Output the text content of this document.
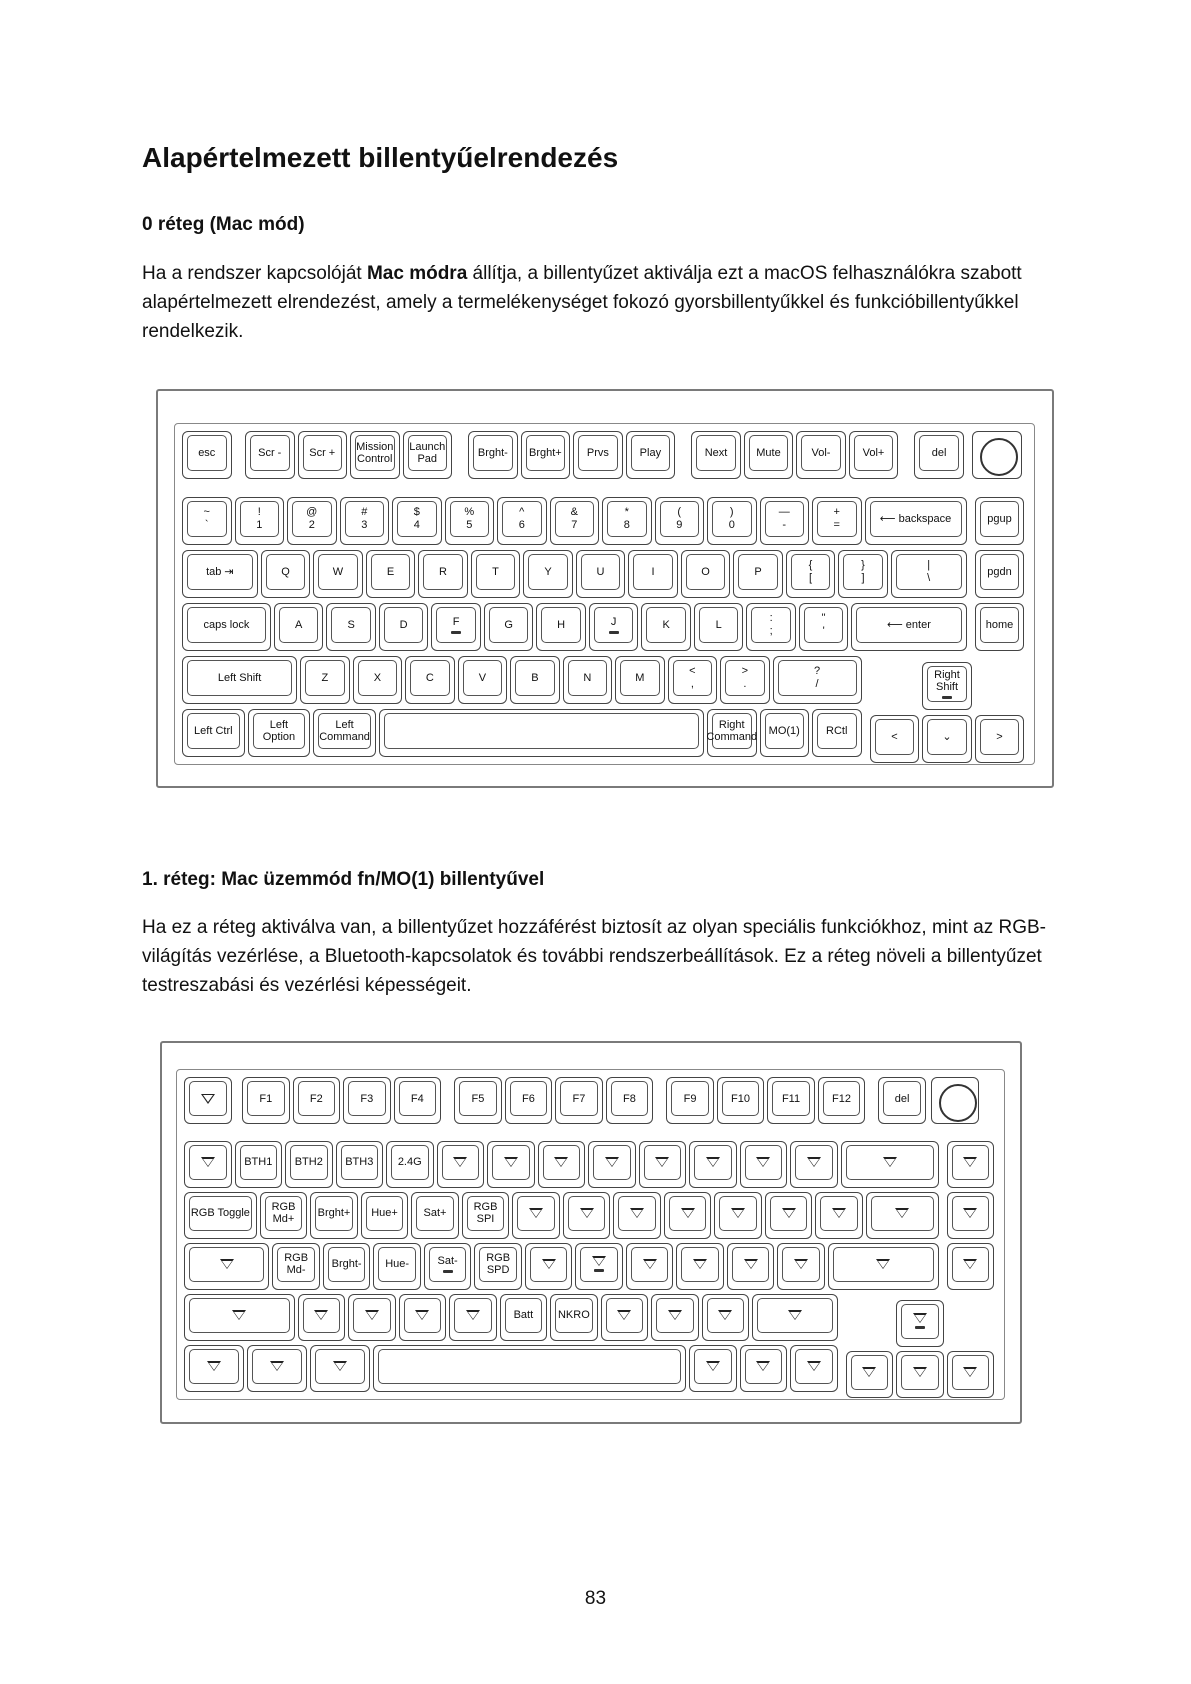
Alapértelmezett billentyűelrendezés
0 réteg (Mac mód)

Ha a rendszer kapcsolóját Mac módra állítja, a billentyűzet aktiválja ezt a macOS felhasználókra szabott alapértelmezett elrendezést, amely a termelékenységet fokozó gyorsbillentyűkkel és funkcióbillentyűkkel rendelkezik.

esc	Scr -	Scr + Mission Control
Launch Pad	Brght- Brght+ Prvs	Play	Next	Mute	Vol-	Vol+	del
~
`
!
1
@
2
#
3
$
4
%
5
^
6
&
7
*
8
(
9
)
0
—
-
+
=	⟵ backspace	pgup
tab ⇥	Q	W	E	R	T	Y	U	I	O	P
{
[
}
]
|
\	pgdn
caps lock	A	S	D	F	G	H	J	K	L
:
;
"
'	⟵ enter	home
Left Shift	Z	X	C	V	B	N	M
<
,
>
.
?
/
Right Shift
Left Ctrl	Left Option
Left Command
Right Command MO(1) RCtl	<	⌄	>
1. réteg: Mac üzemmód fn/MO(1) billentyűvel

Ha ez a réteg aktiválva van, a billentyűzet hozzáférést biztosít az olyan speciális funkciókhoz, mint az RGB-világítás vezérlése, a Bluetooth-kapcsolatok és további rendszerbeállítások. Ez a réteg növeli a billentyűzet testreszabási és vezérlési képességeit.

F1	F2	F3	F4	F5	F6	F7	F8	F9	F10	F11	F12	del
BTH1 BTH2 BTH3 2.4G
RGB Toggle	RGB Md+	Brght+ Hue+ Sat+	RGB SPI
RGB Md-	Brght- Hue-	Sat-	RGB SPD
Batt NKRO
83
